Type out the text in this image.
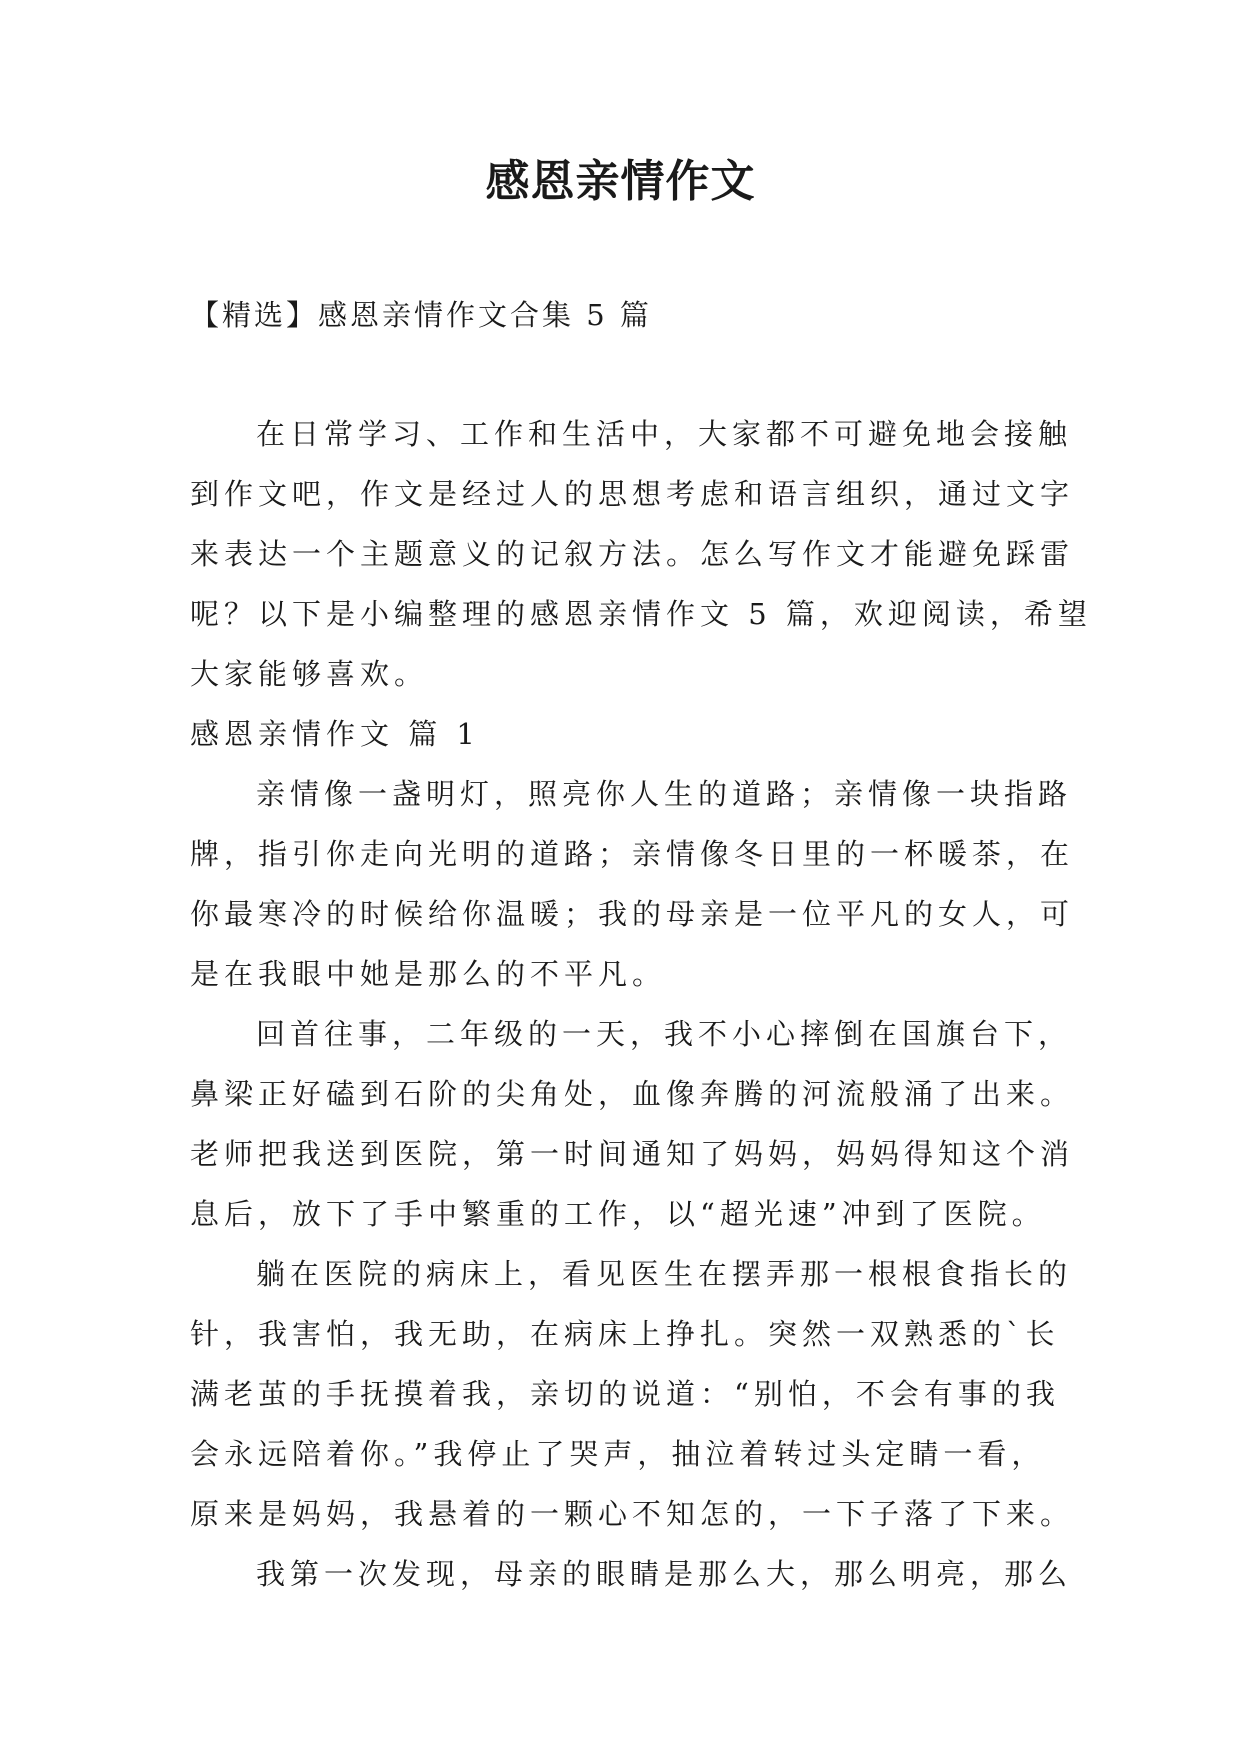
感恩亲情作文
【精选】感恩亲情作文合集 5 篇
在日常学习、工作和生活中，大家都不可避免地会接触
到作文吧，作文是经过人的思想考虑和语言组织，通过文字
来表达一个主题意义的记叙方法。怎么写作文才能避免踩雷
呢？以下是小编整理的感恩亲情作文 5 篇，欢迎阅读，希望
大家能够喜欢。
感恩亲情作文 篇 1
亲情像一盏明灯，照亮你人生的道路；亲情像一块指路
牌，指引你走向光明的道路；亲情像冬日里的一杯暖茶，在
你最寒冷的时候给你温暖；我的母亲是一位平凡的女人，可
是在我眼中她是那么的不平凡。
回首往事，二年级的一天，我不小心摔倒在国旗台下，
鼻梁正好磕到石阶的尖角处，血像奔腾的河流般涌了出来。
老师把我送到医院，第一时间通知了妈妈，妈妈得知这个消
息后，放下了手中繁重的工作，以“超光速”冲到了医院。
躺在医院的病床上，看见医生在摆弄那一根根食指长的
针，我害怕，我无助，在病床上挣扎。突然一双熟悉的`长
满老茧的手抚摸着我，亲切的说道：“别怕，不会有事的我
会永远陪着你。”我停止了哭声，抽泣着转过头定睛一看，
原来是妈妈，我悬着的一颗心不知怎的，一下子落了下来。
我第一次发现，母亲的眼睛是那么大，那么明亮，那么
